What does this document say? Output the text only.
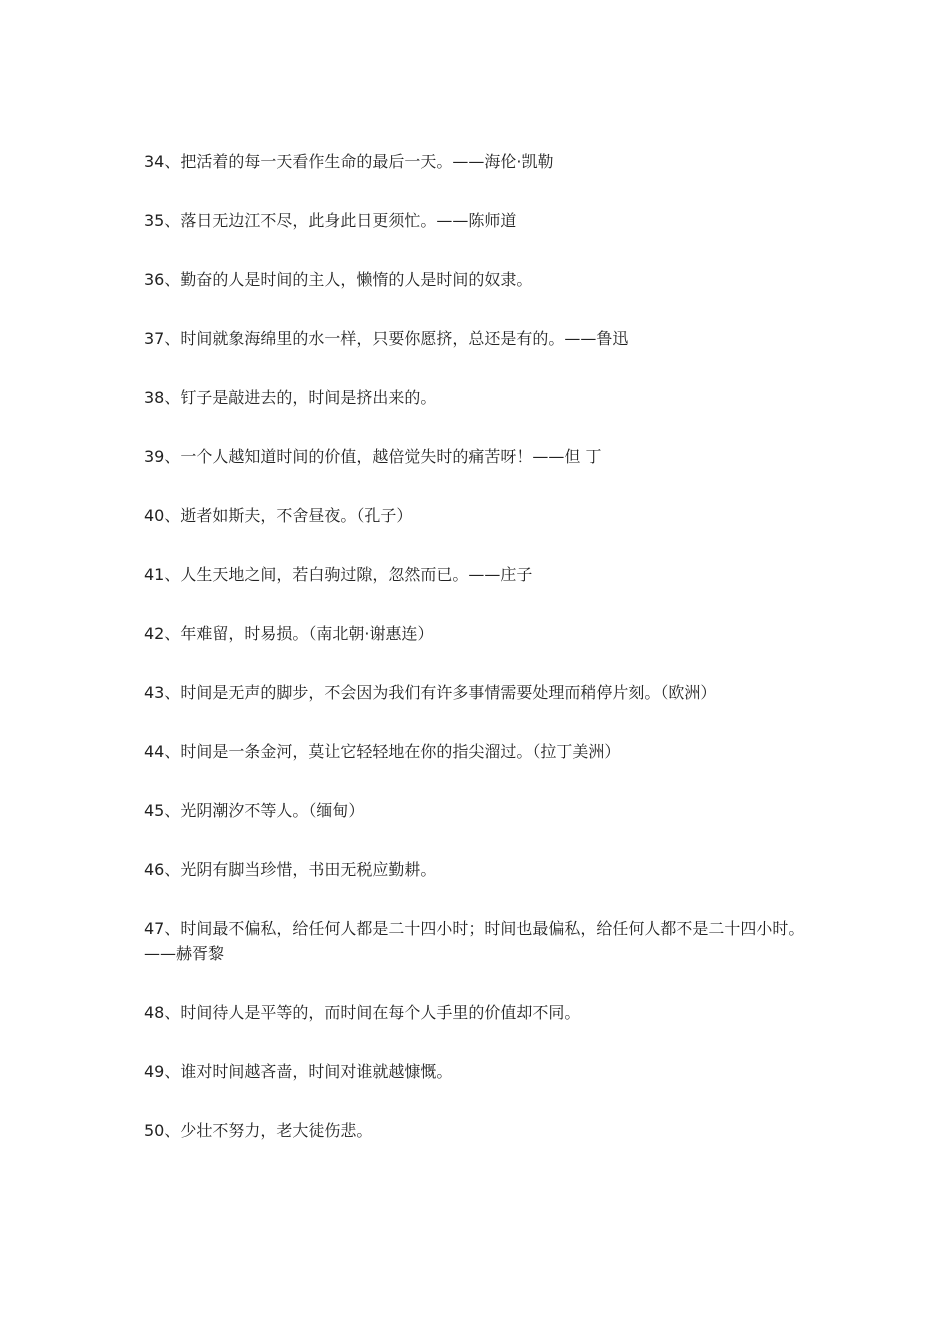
34、把活着的每一天看作生命的最后一天。——海伦·凯勒
35、落日无边江不尽，此身此日更须忙。——陈师道
36、勤奋的人是时间的主人，懒惰的人是时间的奴隶。
37、时间就象海绵里的水一样，只要你愿挤，总还是有的。——鲁迅
38、钉子是敲进去的，时间是挤出来的。
39、一个人越知道时间的价值，越倍觉失时的痛苦呀！——但 丁
40、逝者如斯夫，不舍昼夜。（孔子）
41、人生天地之间，若白驹过隙，忽然而已。——庄子
42、年难留，时易损。（南北朝·谢惠连）
43、时间是无声的脚步，不会因为我们有许多事情需要处理而稍停片刻。（欧洲）
44、时间是一条金河，莫让它轻轻地在你的指尖溜过。（拉丁美洲）
45、光阴潮汐不等人。（缅甸）
46、光阴有脚当珍惜，书田无税应勤耕。
47、时间最不偏私，给任何人都是二十四小时；时间也最偏私，给任何人都不是二十四小时。——赫胥黎
48、时间待人是平等的，而时间在每个人手里的价值却不同。
49、谁对时间越吝啬，时间对谁就越慷慨。
50、少壮不努力，老大徒伤悲。
